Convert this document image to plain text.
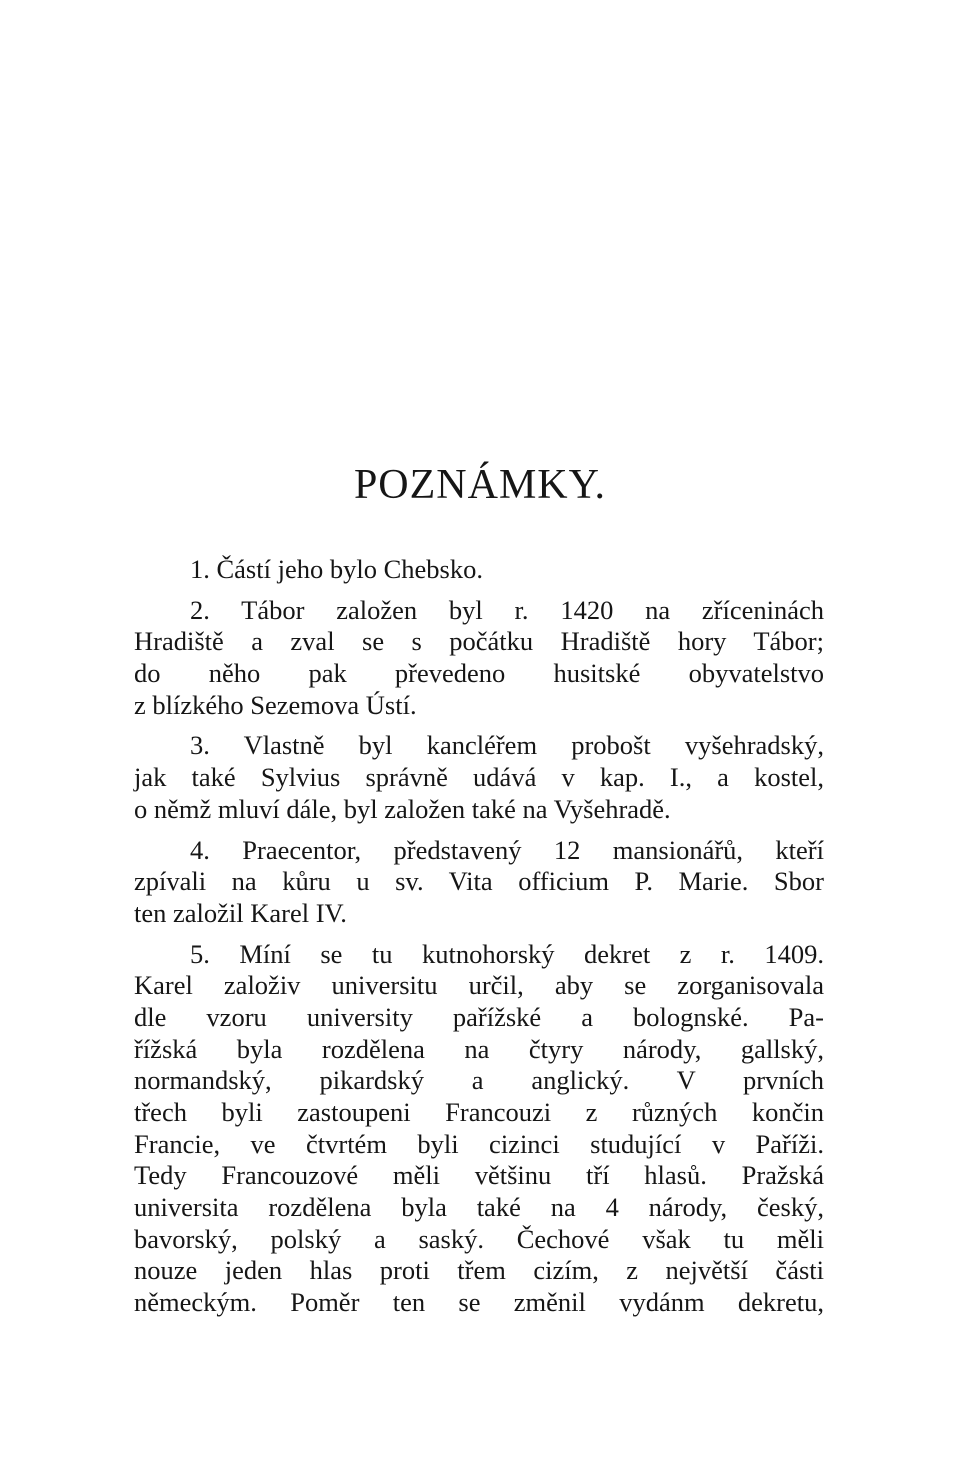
POZNÁMKY.
1. Částí jeho bylo Chebsko.
2. Tábor založen byl r. 1420 na zříceninách
Hradiště a zval se s počátku Hradiště hory Tábor;
do něho pak převedeno husitské obyvatelstvo
z blízkého Sezemova Ústí.
3. Vlastně byl kancléřem probošt vyšehradský,
jak také Sylvius správně udává v kap. I., a kostel,
o němž mluví dále, byl založen také na Vyšehradě.
4. Praecentor, představený 12 mansionářů, kteří
zpívali na kůru u sv. Vita officium P. Marie. Sbor
ten založil Karel IV.
5. Míní se tu kutnohorský dekret z r. 1409.
Karel založiv universitu určil, aby se zorganisovala
dle vzoru university pařížské a bolognské. Pa-
řížská byla rozdělena na čtyry národy, gallský,
normandský, pikardský a anglický. V prvních
třech byli zastoupeni Francouzi z různých končin
Francie, ve čtvrtém byli cizinci studující v Paříži.
Tedy Francouzové měli většinu tří hlasů. Pražská
universita rozdělena byla také na 4 národy, český,
bavorský, polský a saský. Čechové však tu měli
nouze jeden hlas proti třem cizím, z největší části
německým. Poměr ten se změnil vydánm dekretu,
